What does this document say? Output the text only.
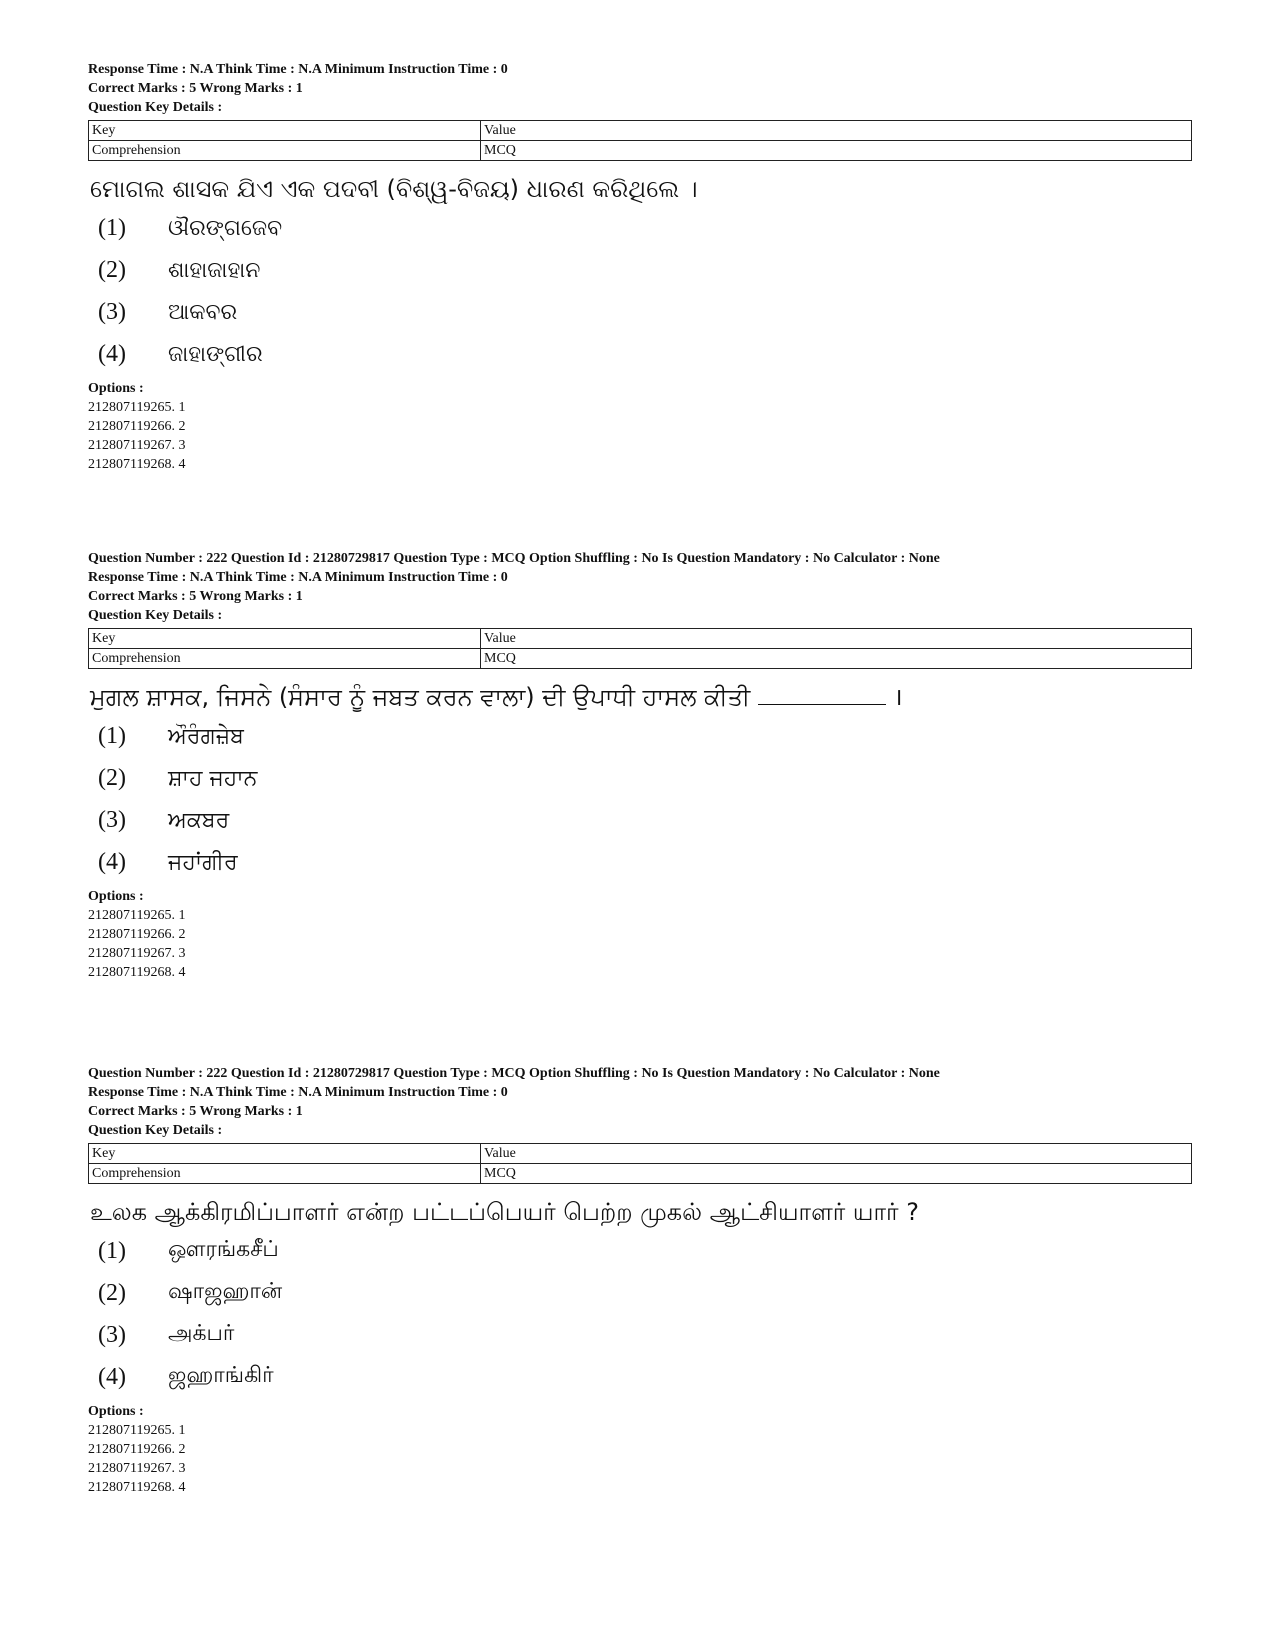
Response Time : N.A Think Time : N.A Minimum Instruction Time : 0
Correct Marks : 5 Wrong Marks : 1
Question Key Details :
Key	Value
Comprehension	MCQ
ମୋଗଲ ଶାସକ ଯିଏ ଏକ ପଦବୀ (ବିଶ୍ୱ-ବିଜୟ) ଧାରଣ କରିଥିଲେ ।
(1)	ଔରଙ୍ଗଜେବ
(2)	ଶାହାଜାହାନ
(3)	ଆକବର
(4)	ଜାହାଙ୍ଗୀର
Options :
212807119265. 1
212807119266. 2
212807119267. 3
212807119268. 4
Question Number : 222 Question Id : 21280729817 Question Type : MCQ Option Shuffling : No Is Question Mandatory : No Calculator : None
Response Time : N.A Think Time : N.A Minimum Instruction Time : 0
Correct Marks : 5 Wrong Marks : 1
Question Key Details :
Key	Value
Comprehension	MCQ
ਮੁਗਲ ਸ਼ਾਸਕ, ਜਿਸਨੇ (ਸੰਸਾਰ ਨੂੰ ਜਬਤ ਕਰਨ ਵਾਲਾ) ਦੀ ਉਪਾਧੀ ਹਾਸਲ ਕੀਤੀ	।
(1)	ਔਰੰਗਜ਼ੇਬ
(2)	ਸ਼ਾਹ ਜਹਾਨ
(3)	ਅਕਬਰ
(4)	ਜਹਾਂਗੀਰ
Options :
212807119265. 1
212807119266. 2
212807119267. 3
212807119268. 4
Question Number : 222 Question Id : 21280729817 Question Type : MCQ Option Shuffling : No Is Question Mandatory : No Calculator : None
Response Time : N.A Think Time : N.A Minimum Instruction Time : 0
Correct Marks : 5 Wrong Marks : 1
Question Key Details :
Key	Value
Comprehension	MCQ
உலக ஆக்கிரமிப்பாளர் என்ற பட்டப்பெயர் பெற்ற முகல் ஆட்சியாளர் யார் ?
(1)	ஔரங்கசீப்
(2)	ஷாஜஹான்
(3)	அக்பர்
(4)	ஜஹாங்கிர்
Options :
212807119265. 1
212807119266. 2
212807119267. 3
212807119268. 4
